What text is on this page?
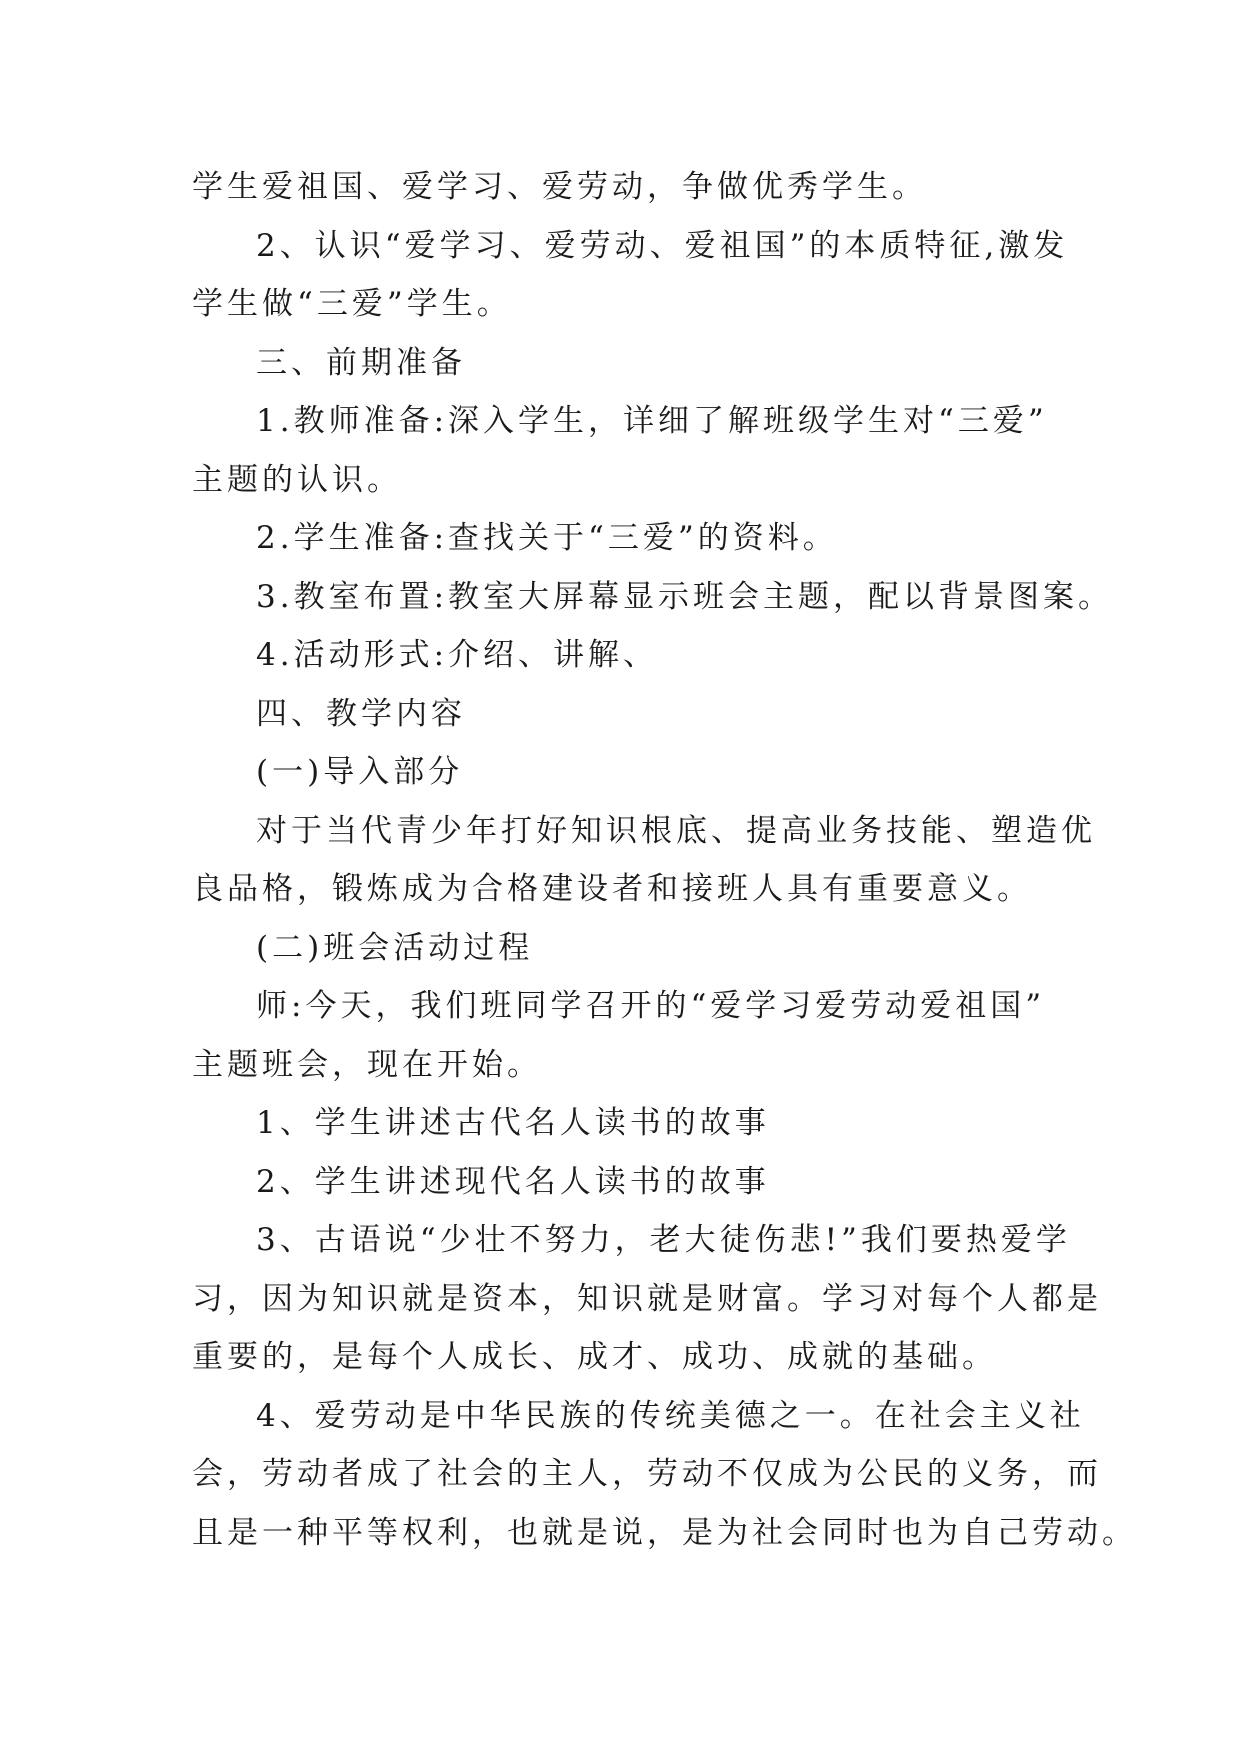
学生爱祖国、爱学习、爱劳动，争做优秀学生。
2、认识“爱学习、爱劳动、爱祖国”的本质特征,激发
学生做“三爱”学生。
三、前期准备
1.教师准备:深入学生，详细了解班级学生对“三爱”
主题的认识。
2.学生准备:查找关于“三爱”的资料。
3.教室布置:教室大屏幕显示班会主题，配以背景图案。
4.活动形式:介绍、讲解、
四、教学内容
(一)导入部分
对于当代青少年打好知识根底、提高业务技能、塑造优
良品格，锻炼成为合格建设者和接班人具有重要意义。
(二)班会活动过程
师:今天，我们班同学召开的“爱学习爱劳动爱祖国”
主题班会，现在开始。
1、学生讲述古代名人读书的故事
2、学生讲述现代名人读书的故事
3、古语说“少壮不努力，老大徒伤悲!”我们要热爱学
习，因为知识就是资本，知识就是财富。学习对每个人都是
重要的，是每个人成长、成才、成功、成就的基础。
4、爱劳动是中华民族的传统美德之一。在社会主义社
会，劳动者成了社会的主人，劳动不仅成为公民的义务，而
且是一种平等权利，也就是说，是为社会同时也为自己劳动。
